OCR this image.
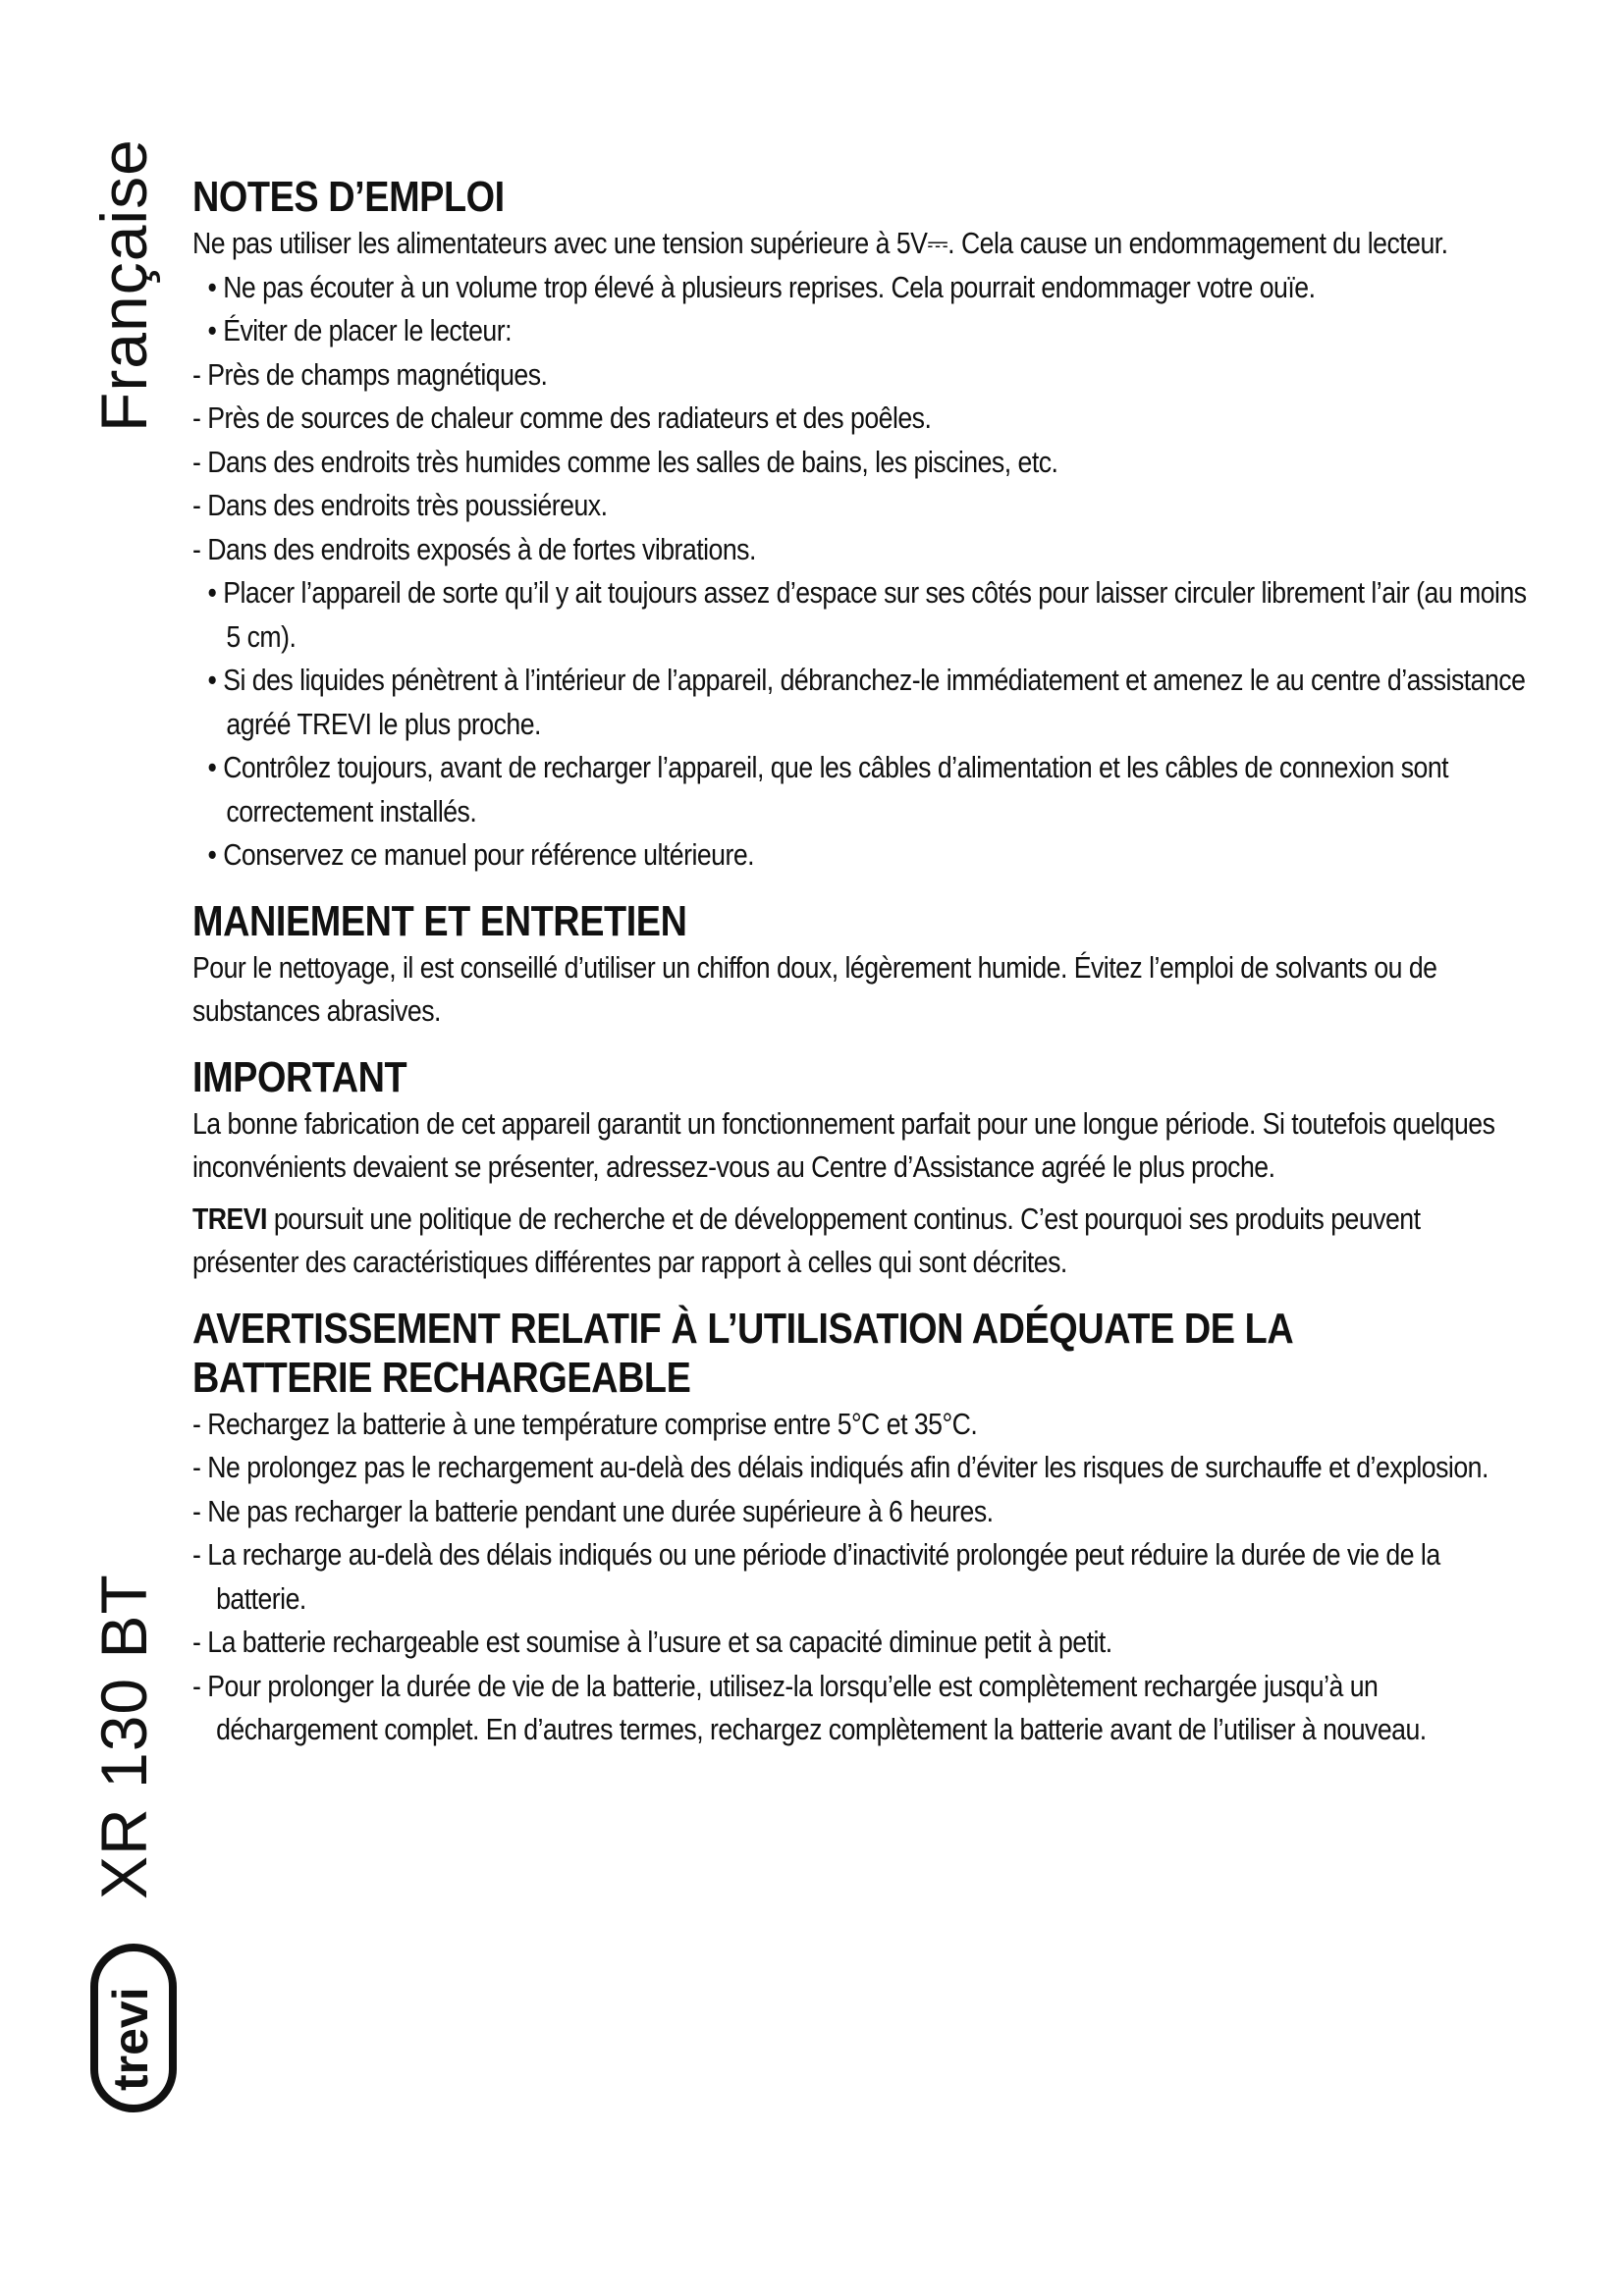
Française
XR 130 BT
trevi
NOTES D’EMPLOI

Ne pas utiliser les alimentateurs avec une tension supérieure à 5V⎓. Cela cause un endommagement du lecteur.

• Ne pas écouter à un volume trop élevé à plusieurs reprises. Cela pourrait endommager votre ouïe.

• Éviter de placer le lecteur:

- Près de champs magnétiques.

- Près de sources de chaleur comme des radiateurs et des poêles.

- Dans des endroits très humides comme les salles de bains, les piscines, etc.

- Dans des endroits très poussiéreux.

- Dans des endroits exposés à de fortes vibrations.

• Placer l’appareil de sorte qu’il y ait toujours assez d’espace sur ses côtés pour laisser circuler librement l’air (au moins 5 cm).

• Si des liquides pénètrent à l’intérieur de l’appareil, débranchez-le immédiatement et amenez le au centre d’assistance agréé TREVI le plus proche.

• Contrôlez toujours, avant de recharger l’appareil, que les câbles d’alimentation et les câbles de connexion sont correctement installés.

• Conservez ce manuel pour référence ultérieure.

MANIEMENT ET ENTRETIEN

Pour le nettoyage, il est conseillé d’utiliser un chiffon doux, légèrement humide. Évitez l’emploi de solvants ou de substances abrasives.

IMPORTANT

La bonne fabrication de cet appareil garantit un fonctionnement parfait pour une longue période. Si toutefois quelques inconvénients devaient se présenter, adressez-vous au Centre d’Assistance agréé le plus proche.

TREVI poursuit une politique de recherche et de développement continus. C’est pourquoi ses produits peuvent présenter des caractéristiques différentes par rapport à celles qui sont décrites.

AVERTISSEMENT RELATIF À L’UTILISATION ADÉQUATE DE LA
BATTERIE RECHARGEABLE

- Rechargez la batterie à une température comprise entre 5°C et 35°C.

- Ne prolongez pas le rechargement au-delà des délais indiqués afin d’éviter les risques de surchauffe et d’explosion.

- Ne pas recharger la batterie pendant une durée supérieure à 6 heures.

- La recharge au-delà des délais indiqués ou une période d’inactivité prolongée peut réduire la durée de vie de la batterie.

- La batterie rechargeable est soumise à l’usure et sa capacité diminue petit à petit.

- Pour prolonger la durée de vie de la batterie, utilisez-la lorsqu’elle est complètement rechargée jusqu’à un déchargement complet. En d’autres termes, rechargez complètement la batterie avant de l’utiliser à nouveau.
